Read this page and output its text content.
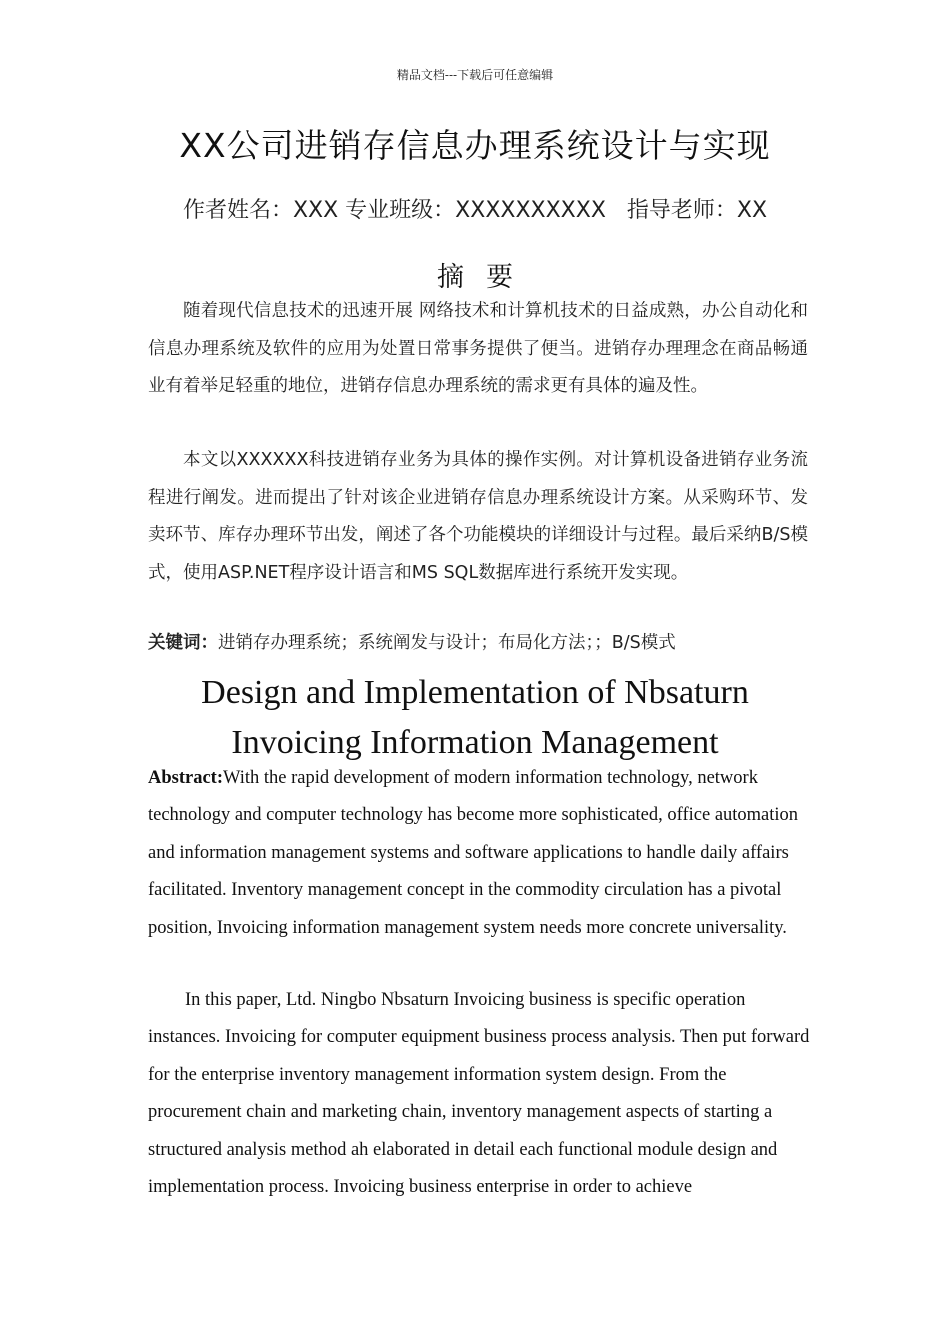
精品文档---下载后可任意编辑
XX公司进销存信息办理系统设计与实现
作者姓名：XXX 专业班级：XXXXXXXXXX 指导老师：XX
摘要

随着现代信息技术的迅速开展 网络技术和计算机技术的日益成熟，办公自动化和信息办理系统及软件的应用为处置日常事务提供了便当。进销存办理理念在商品畅通业有着举足轻重的地位，进销存信息办理系统的需求更有具体的遍及性。

本文以XXXXXX科技进销存业务为具体的操作实例。对计算机设备进销存业务流程进行阐发。进而提出了针对该企业进销存信息办理系统设计方案。从采购环节、发卖环节、库存办理环节出发，阐述了各个功能模块的详细设计与过程。最后采纳B/S模式，使用ASP.NET程序设计语言和MS SQL数据库进行系统开发实现。

关键词：进销存办理系统；系统阐发与设计；布局化方法；；B/S模式
Design and Implementation of Nbsaturn
Invoicing Information Management

Abstract:With the rapid development of modern information technology, network technology and computer technology has become more sophisticated, office automation and information management systems and software applications to handle daily affairs facilitated. Inventory management concept in the commodity circulation has a pivotal position, Invoicing information management system needs more concrete universality.

In this paper, Ltd. Ningbo Nbsaturn Invoicing business is specific operation instances. Invoicing for computer equipment business process analysis. Then put forward for the enterprise inventory management information system design. From the procurement chain and marketing chain, inventory management aspects of starting a structured analysis method ah elaborated in detail each functional module design and implementation process. Invoicing business enterprise in order to achieve
